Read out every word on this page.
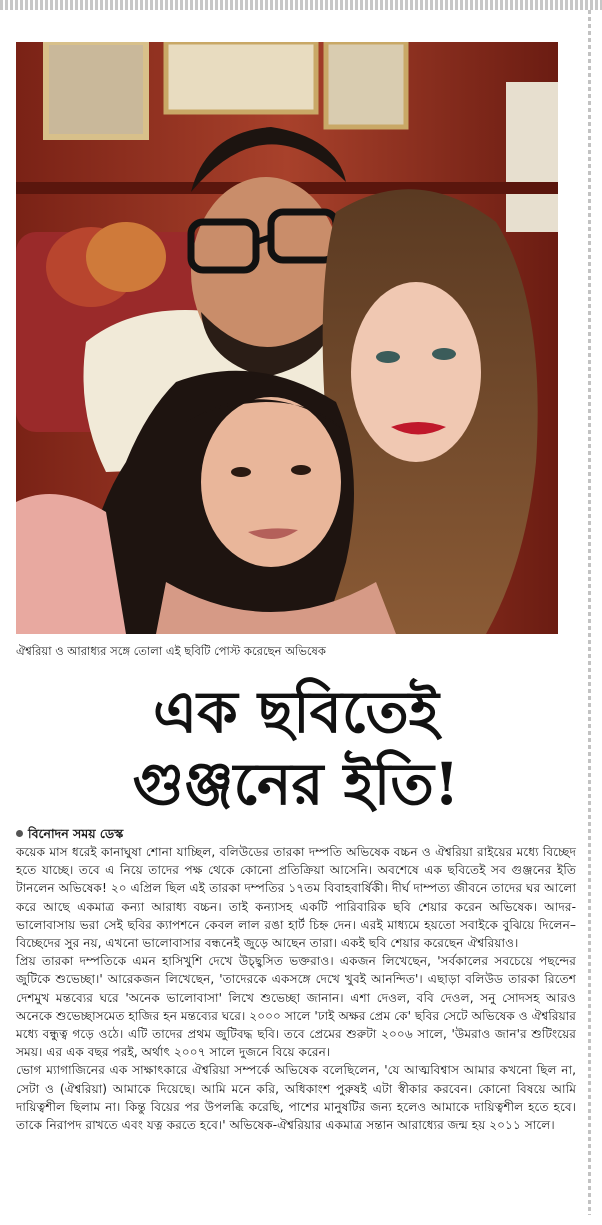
ঐশ্বরিয়া ও আরাধ্যর সঙ্গে তোলা এই ছবিটি পোস্ট করেছেন অভিষেক
এক ছবিতেই
গুঞ্জনের ইতি!
বিনোদন সময় ডেস্ক

কয়েক মাস ধরেই কানাঘুষা শোনা যাচ্ছিল, বলিউডের তারকা দম্পতি অভিষেক বচ্চন ও ঐশ্বরিয়া রাইয়ের মধ্যে বিচ্ছেদ হতে যাচ্ছে। তবে এ নিয়ে তাদের পক্ষ থেকে কোনো প্রতিক্রিয়া আসেনি। অবশেষে এক ছবিতেই সব গুঞ্জনের ইতি টানলেন অভিষেক! ২০ এপ্রিল ছিল এই তারকা দম্পতির ১৭তম বিবাহবার্ষিকী। দীর্ঘ দাম্পত্য জীবনে তাদের ঘর আলো করে আছে একমাত্র কন্যা আরাধ্য বচ্চন। তাই কন্যাসহ একটি পারিবারিক ছবি শেয়ার করেন অভিষেক। আদর-ভালোবাসায় ভরা সেই ছবির ক্যাপশনে কেবল লাল রঙা হার্ট চিহ্ন দেন। এরই মাধ্যমে হয়তো সবাইকে বুঝিয়ে দিলেন– বিচ্ছেদের সুর নয়, এখনো ভালোবাসার বন্ধনেই জুড়ে আছেন তারা। একই ছবি শেয়ার করেছেন ঐশ্বরিয়াও।

প্রিয় তারকা দম্পতিকে এমন হাসিখুশি দেখে উচ্ছ্বসিত ভক্তরাও। একজন লিখেছেন, 'সর্বকালের সবচেয়ে পছন্দের জুটিকে শুভেচ্ছা।' আরেকজন লিখেছেন, 'তাদেরকে একসঙ্গে দেখে খুবই আনন্দিত'। এছাড়া বলিউড তারকা রিতেশ দেশমুখ মন্তব্যের ঘরে 'অনেক ভালোবাসা' লিখে শুভেচ্ছা জানান। এশা দেওল, ববি দেওল, সনু সোদসহ আরও অনেকে শুভেচ্ছাসমেত হাজির হন মন্তব্যের ঘরে। ২০০০ সালে 'ঢাই অক্ষর প্রেম কে' ছবির সেটে অভিষেক ও ঐশ্বরিয়ার মধ্যে বন্ধুত্ব গড়ে ওঠে। এটি তাদের প্রথম জুটিবদ্ধ ছবি। তবে প্রেমের শুরুটা ২০০৬ সালে, 'উমরাও জান'র শুটিংয়ের সময়। এর এক বছর পরই, অর্থাৎ ২০০৭ সালে দুজনে বিয়ে করেন।

ভোগ ম্যাগাজিনের এক সাক্ষাৎকারে ঐশ্বরিয়া সম্পর্কে অভিষেক বলেছিলেন, 'যে আত্মবিশ্বাস আমার কখনো ছিল না, সেটা ও (ঐশ্বরিয়া) আমাকে দিয়েছে। আমি মনে করি, অধিকাংশ পুরুষই এটা স্বীকার করবেন। কোনো বিষয়ে আমি দায়িত্বশীল ছিলাম না। কিন্তু বিয়ের পর উপলব্ধি করেছি, পাশের মানুষটির জন্য হলেও আমাকে দায়িত্বশীল হতে হবে। তাকে নিরাপদ রাখতে এবং যত্ন করতে হবে।' অভিষেক-ঐশ্বরিয়ার একমাত্র সন্তান আরাধ্যের জন্ম হয় ২০১১ সালে।
